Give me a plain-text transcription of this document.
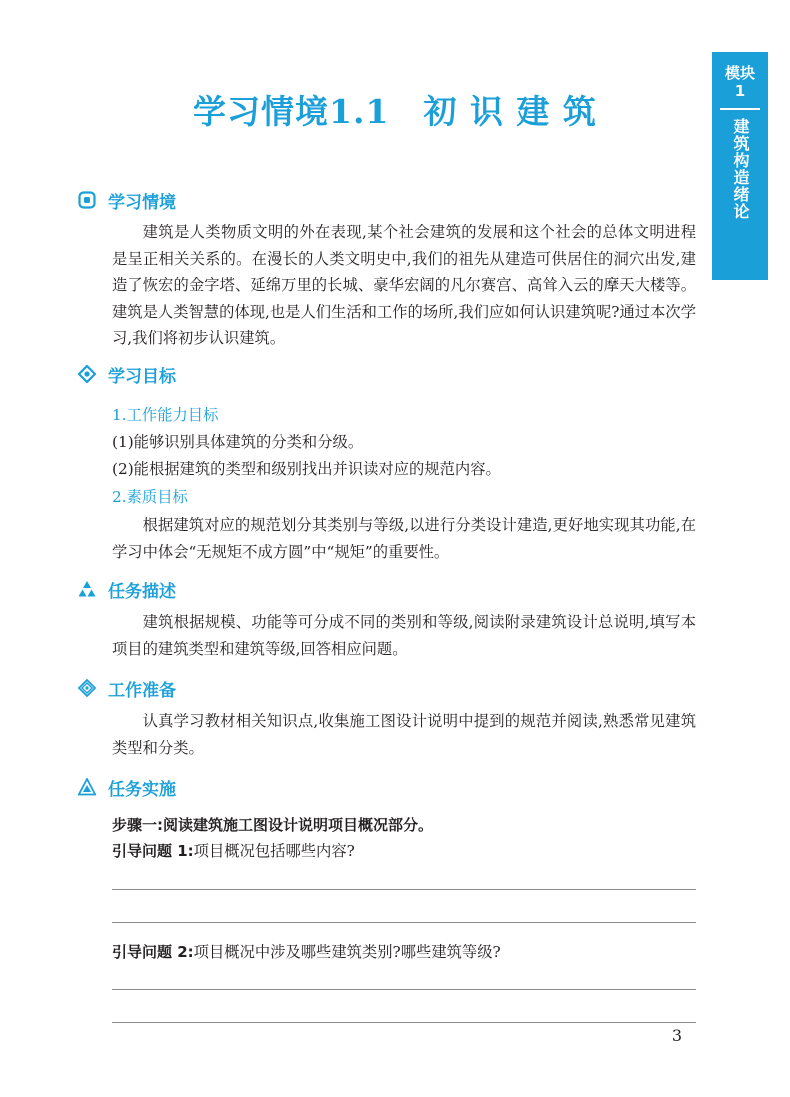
模块
1
建筑构造绪论
学习情境1.1　初 识 建 筑
学习情境

建筑是人类物质文明的外在表现,某个社会建筑的发展和这个社会的总体文明进程是呈正相关关系的。在漫长的人类文明史中,我们的祖先从建造可供居住的洞穴出发,建造了恢宏的金字塔、延绵万里的长城、豪华宏阔的凡尔赛宫、高耸入云的摩天大楼等。建筑是人类智慧的体现,也是人们生活和工作的场所,我们应如何认识建筑呢?通过本次学习,我们将初步认识建筑。

学习目标

1.工作能力目标

(1)能够识别具体建筑的分类和分级。

(2)能根据建筑的类型和级别找出并识读对应的规范内容。

2.素质目标

根据建筑对应的规范划分其类别与等级,以进行分类设计建造,更好地实现其功能,在学习中体会“无规矩不成方圆”中“规矩”的重要性。

任务描述

建筑根据规模、功能等可分成不同的类别和等级,阅读附录建筑设计总说明,填写本项目的建筑类型和建筑等级,回答相应问题。

工作准备

认真学习教材相关知识点,收集施工图设计说明中提到的规范并阅读,熟悉常见建筑类型和分类。

任务实施

步骤一:阅读建筑施工图设计说明项目概况部分。

引导问题 1:项目概况包括哪些内容?

引导问题 2:项目概况中涉及哪些建筑类别?哪些建筑等级?

3
